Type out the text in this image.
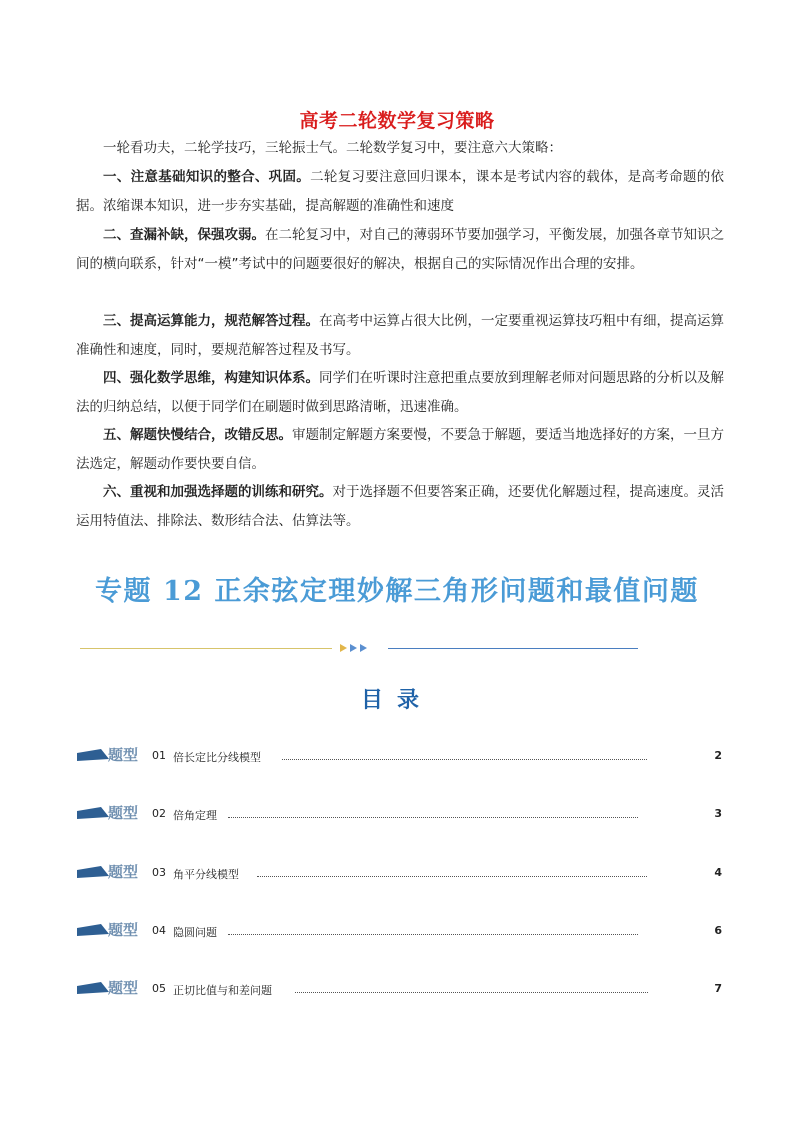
高考二轮数学复习策略
一轮看功夫，二轮学技巧，三轮振士气。二轮数学复习中，要注意六大策略：
一、注意基础知识的整合、巩固。二轮复习要注意回归课本，课本是考试内容的载体，是高考命题的依据。浓缩课本知识，进一步夯实基础，提高解题的准确性和速度
二、查漏补缺，保强攻弱。在二轮复习中，对自己的薄弱环节要加强学习，平衡发展，加强各章节知识之间的横向联系，针对“一模”考试中的问题要很好的解决，根据自己的实际情况作出合理的安排。
三、提高运算能力，规范解答过程。在高考中运算占很大比例，一定要重视运算技巧粗中有细，提高运算准确性和速度，同时，要规范解答过程及书写。
四、强化数学思维，构建知识体系。同学们在听课时注意把重点要放到理解老师对问题思路的分析以及解法的归纳总结，以便于同学们在刷题时做到思路清晰，迅速准确。
五、解题快慢结合，改错反思。审题制定解题方案要慢，不要急于解题，要适当地选择好的方案，一旦方法选定，解题动作要快要自信。
六、重视和加强选择题的训练和研究。对于选择题不但要答案正确，还要优化解题过程，提高速度。灵活运用特值法、排除法、数形结合法、估算法等。
专题 12 正余弦定理妙解三角形问题和最值问题
目录
题型 01 倍长定比分线模型	2
题型 02 倍角定理	3
题型 03 角平分线模型	4
题型 04 隐圆问题	6
题型 05 正切比值与和差问题	7
